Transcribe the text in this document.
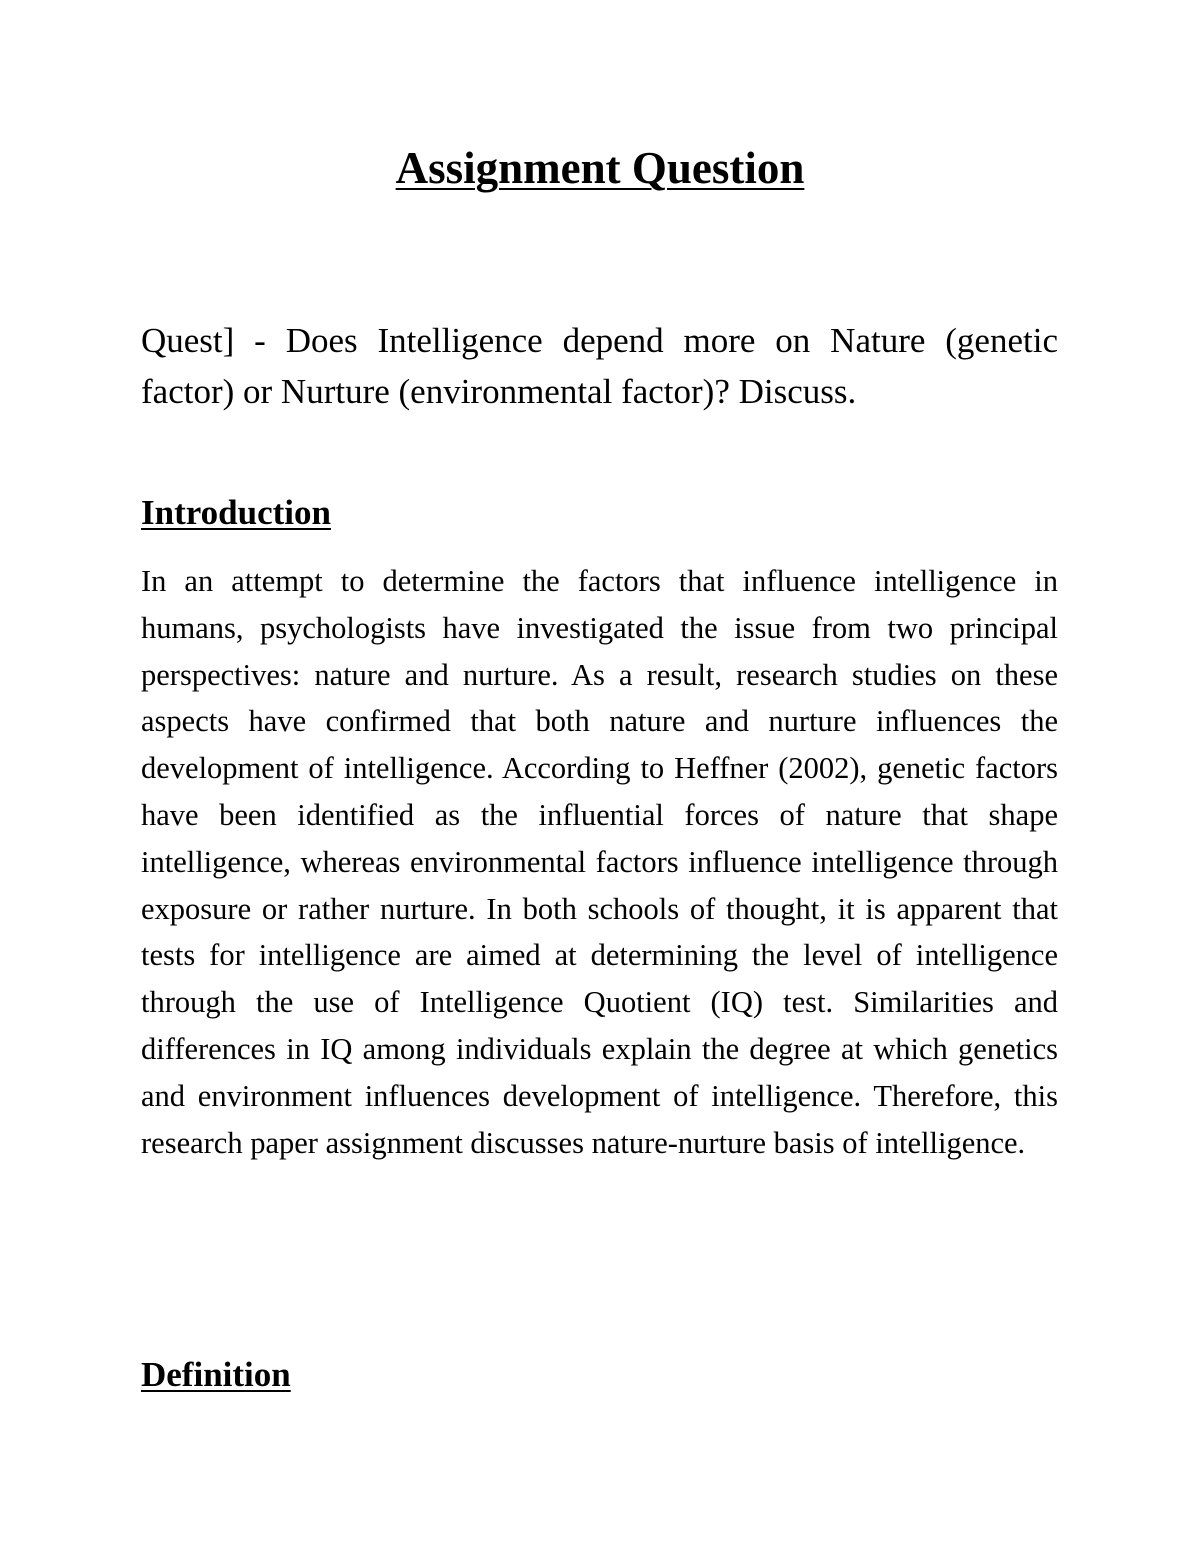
Assignment Question

Quest] - Does Intelligence depend more on Nature (genetic factor) or Nurture (environmental factor)? Discuss.

Introduction

In an attempt to determine the factors that influence intelligence in humans, psychologists have investigated the issue from two principal perspectives: nature and nurture. As a result, research studies on these aspects have confirmed that both nature and nurture influences the development of intelligence. According to Heffner (2002), genetic factors have been identified as the influential forces of nature that shape intelligence, whereas environmental factors influence intelligence through exposure or rather nurture. In both schools of thought, it is apparent that tests for intelligence are aimed at determining the level of intelligence through the use of Intelligence Quotient (IQ) test. Similarities and differences in IQ among individuals explain the degree at which genetics and environment influences development of intelligence. Therefore, this research paper assignment discusses nature-nurture basis of intelligence.

Definition
